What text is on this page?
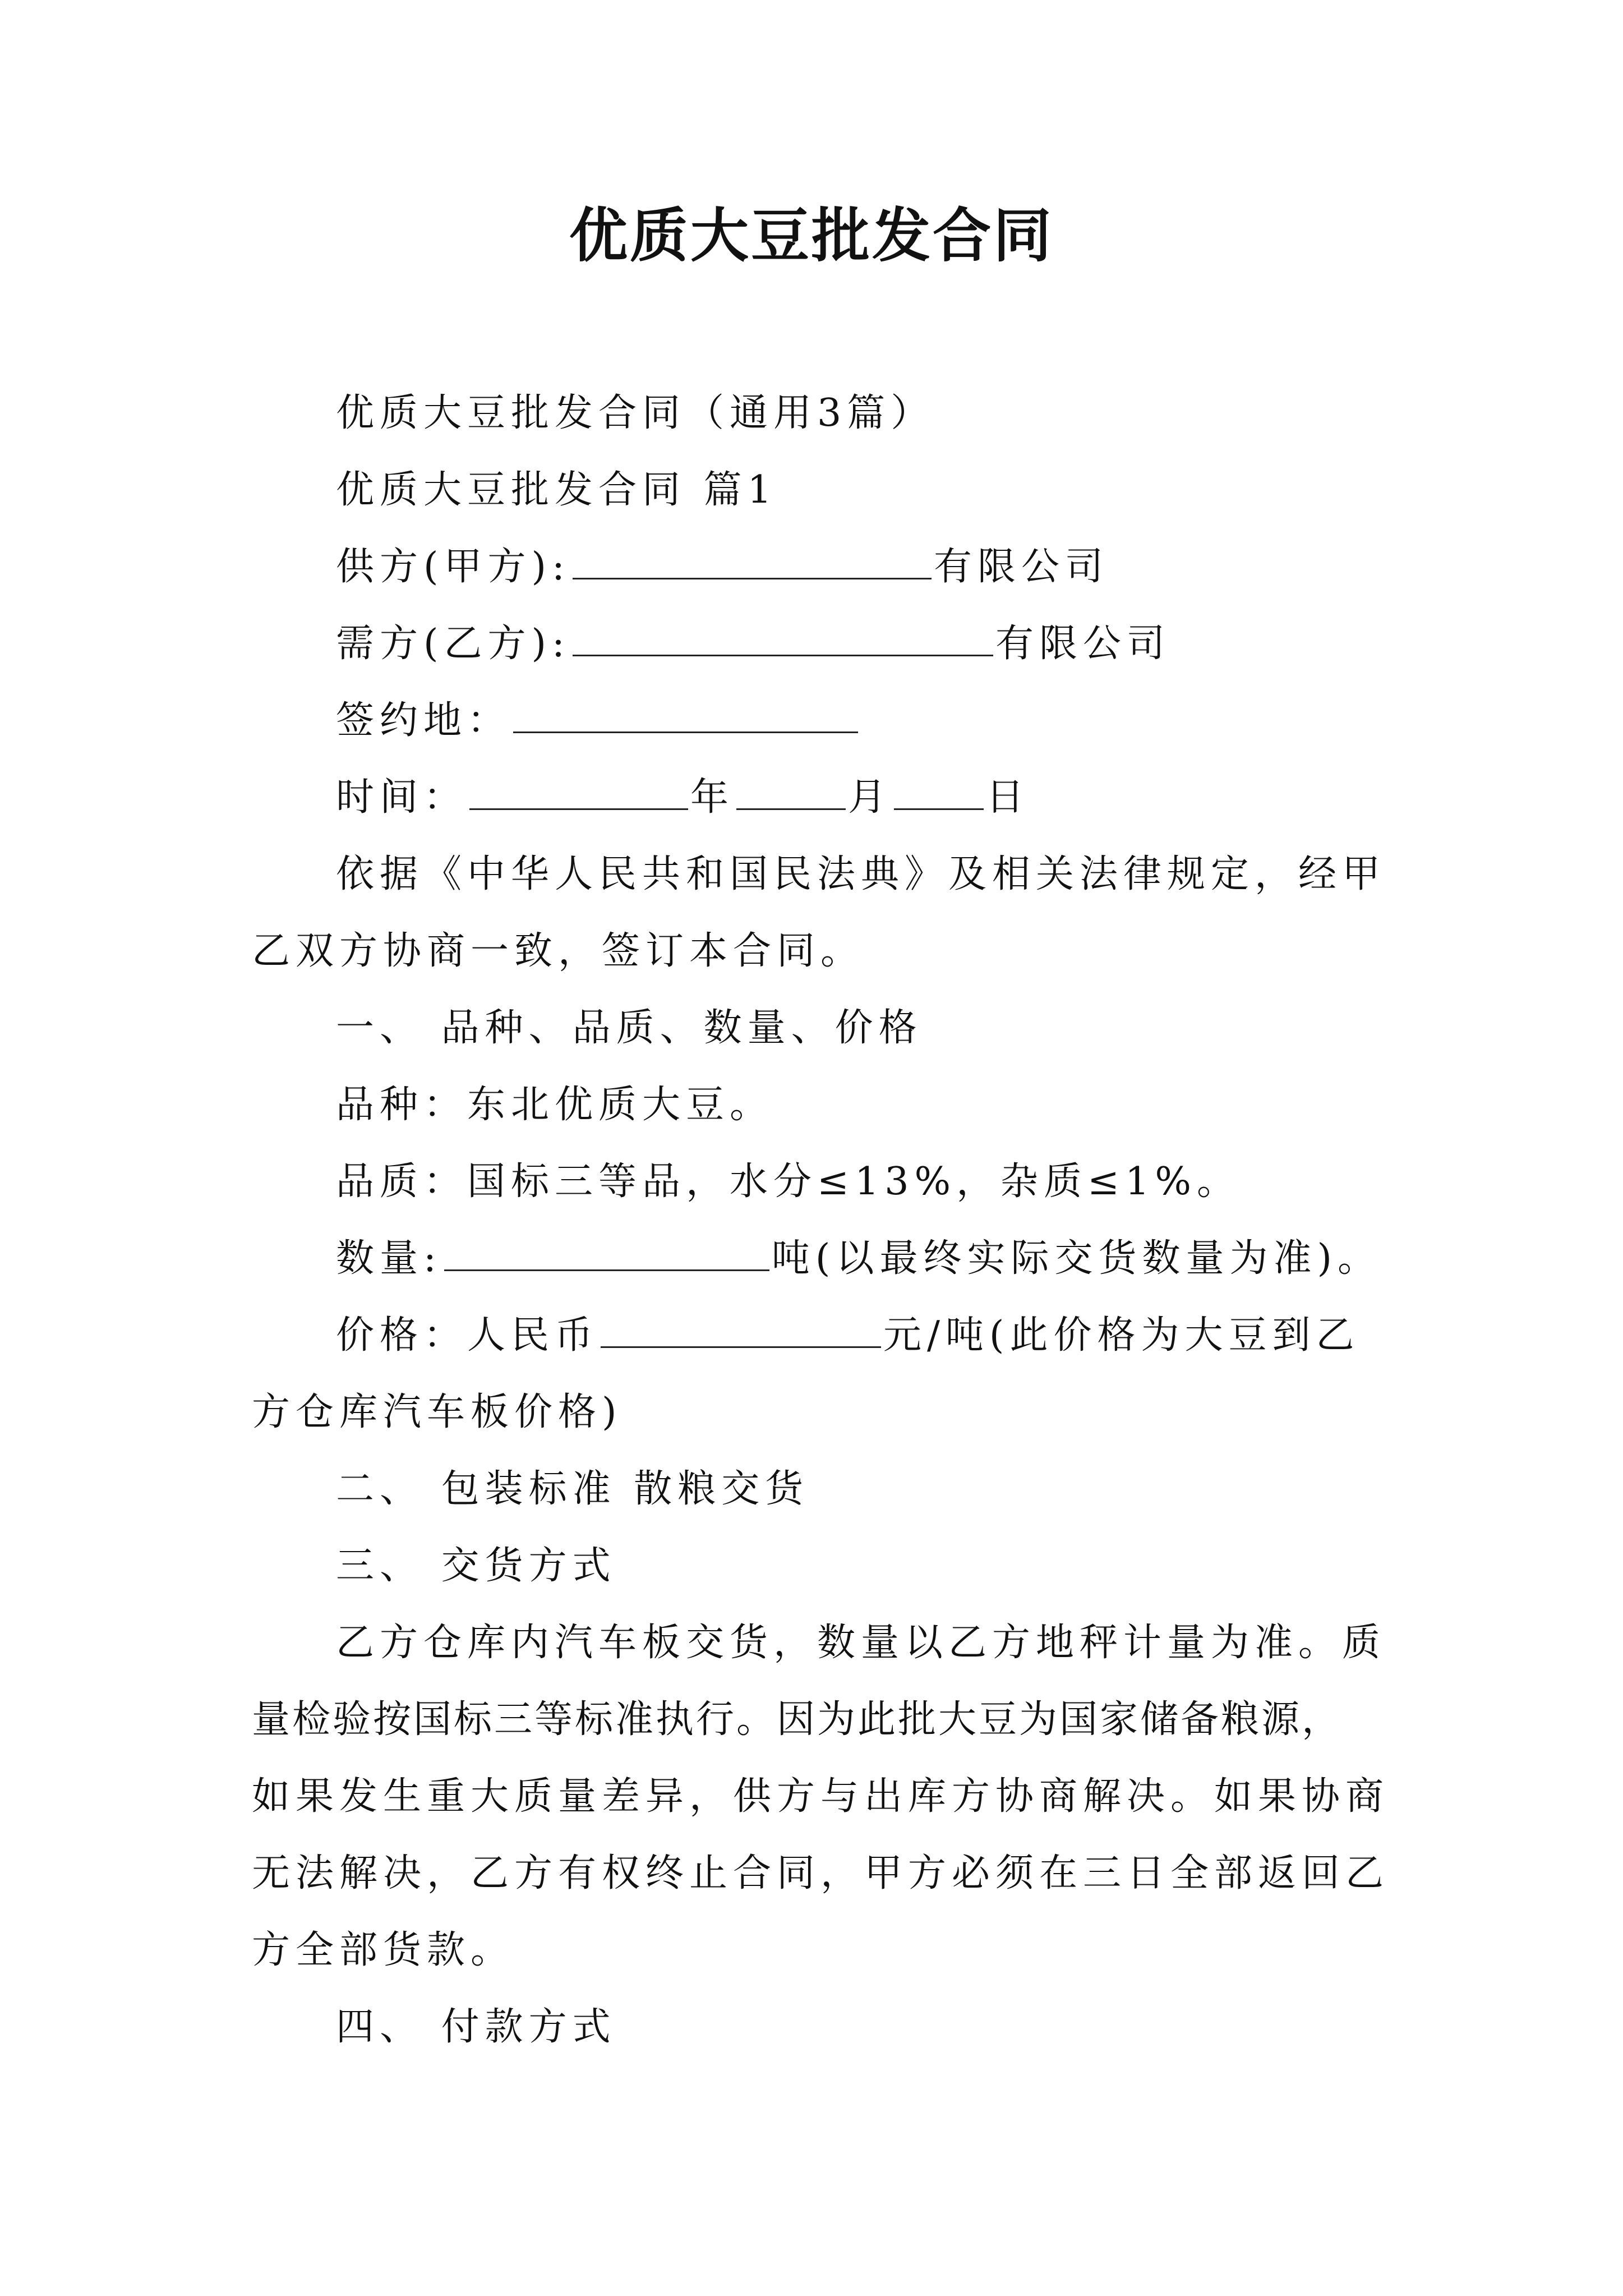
优质大豆批发合同
优质大豆批发合同（通用3篇）
优质大豆批发合同 篇1
供方(甲方):	有限公司
需方(乙方):	有限公司
签约地：
时间：	年	月 日
依据《中华人民共和国民法典》及相关法律规定，经甲
乙双方协商一致，签订本合同。
一、 品种、品质、数量、价格
品种：东北优质大豆。
品质：国标三等品，水分≤13%，杂质≤1%。
数量:	吨(以最终实际交货数量为准)。
价格：人民币	元/吨(此价格为大豆到乙
方仓库汽车板价格)
二、 包装标准 散粮交货
三、 交货方式
乙方仓库内汽车板交货，数量以乙方地秤计量为准。质
量检验按国标三等标准执行。因为此批大豆为国家储备粮源，
如果发生重大质量差异，供方与出库方协商解决。如果协商
无法解决，乙方有权终止合同，甲方必须在三日全部返回乙
方全部货款。
四、 付款方式
